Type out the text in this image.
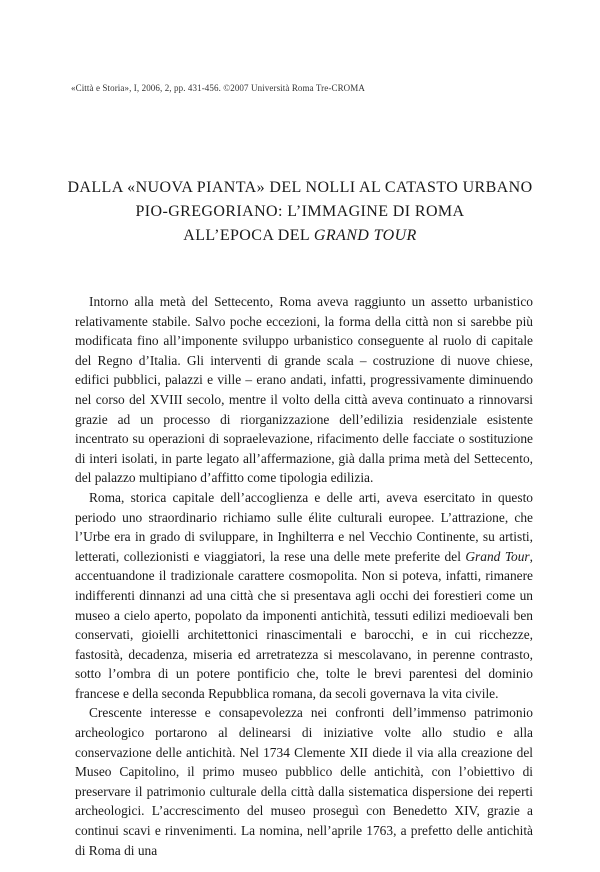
«Città e Storia», I, 2006, 2, pp. 431-456. ©2007 Università Roma Tre-CROMA
DALLA «NUOVA PIANTA» DEL NOLLI AL CATASTO URBANO
PIO-GREGORIANO: L’IMMAGINE DI ROMA
ALL’EPOCA DEL GRAND TOUR

Intorno alla metà del Settecento, Roma aveva raggiunto un assetto urbanistico relativamente stabile. Salvo poche eccezioni, la forma della città non si sarebbe più modificata fino all’imponente sviluppo urbanistico conseguente al ruolo di capitale del Regno d’Italia. Gli interventi di grande scala – costruzione di nuove chiese, edifici pubblici, palazzi e ville – erano andati, infatti, progressivamente diminuendo nel corso del XVIII secolo, mentre il volto della città aveva continuato a rinnovarsi grazie ad un processo di riorganizzazione dell’edilizia residenziale esistente incentrato su operazioni di sopraelevazione, rifacimento delle facciate o sostituzione di interi isolati, in parte legato all’affermazione, già dalla prima metà del Settecento, del palazzo multipiano d’affitto come tipologia edilizia.

Roma, storica capitale dell’accoglienza e delle arti, aveva esercitato in questo periodo uno straordinario richiamo sulle élite culturali europee. L’attrazione, che l’Urbe era in grado di sviluppare, in Inghilterra e nel Vecchio Continente, su artisti, letterati, collezionisti e viaggiatori, la rese una delle mete preferite del Grand Tour, accentuandone il tradizionale carattere cosmopolita. Non si poteva, infatti, rimanere indifferenti dinnanzi ad una città che si presentava agli occhi dei forestieri come un museo a cielo aperto, popolato da imponenti antichità, tessuti edilizi medioevali ben conservati, gioielli architettonici rinascimentali e barocchi, e in cui ricchezze, fastosità, decadenza, miseria ed arretratezza si mescolavano, in perenne contrasto, sotto l’ombra di un potere pontificio che, tolte le brevi parentesi del dominio francese e della seconda Repubblica romana, da secoli governava la vita civile.

Crescente interesse e consapevolezza nei confronti dell’immenso patrimonio archeologico portarono al delinearsi di iniziative volte allo studio e alla conservazione delle antichità. Nel 1734 Clemente XII diede il via alla creazione del Museo Capitolino, il primo museo pubblico delle antichità, con l’obiettivo di preservare il patrimonio culturale della città dalla sistematica dispersione dei reperti archeologici. L’accrescimento del museo proseguì con Benedetto XIV, grazie a continui scavi e rinvenimenti. La nomina, nell’aprile 1763, a prefetto delle antichità di Roma di una
